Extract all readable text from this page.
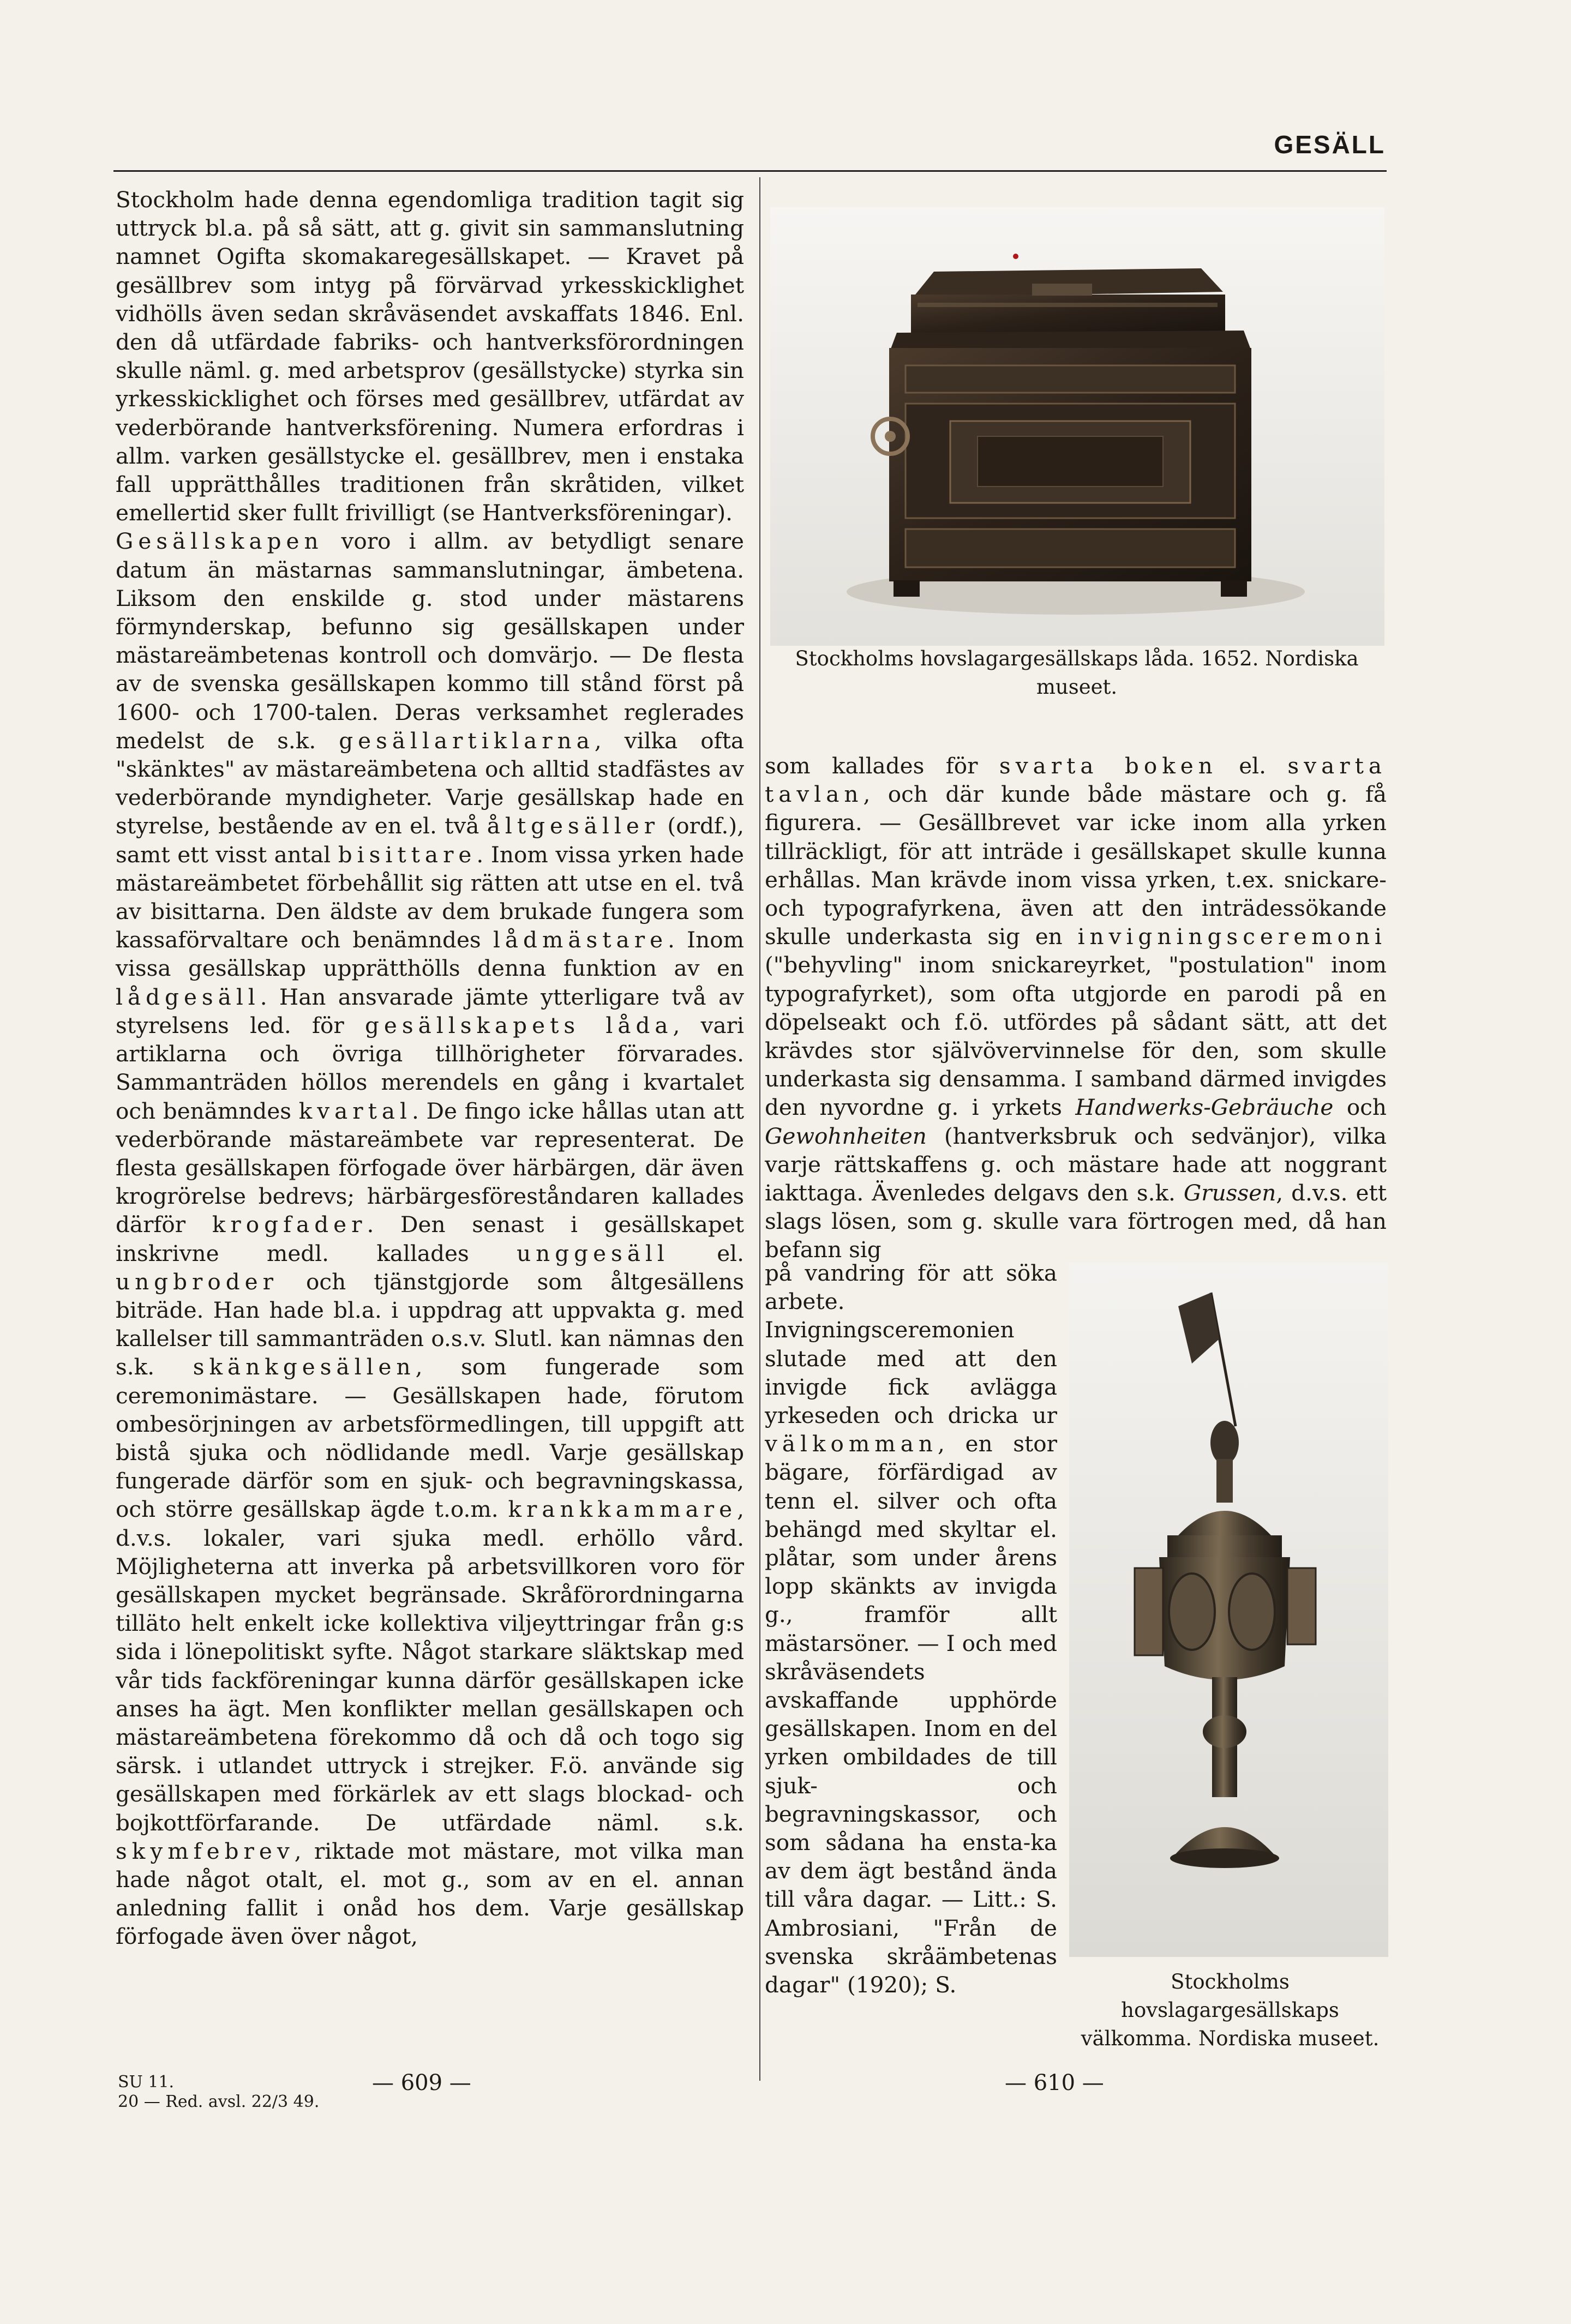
GESÄLL

Stockholm hade denna egendomliga tradition tagit sig uttryck bl.a. på så sätt, att g. givit sin sammanslutning namnet Ogifta skomakaregesällskapet. — Kravet på gesällbrev som intyg på förvärvad yrkesskicklighet vidhölls även sedan skråväsendet avskaffats 1846. Enl. den då utfärdade fabriks- och hantverksförordningen skulle näml. g. med arbetsprov (gesällstycke) styrka sin yrkesskicklighet och förses med gesällbrev, utfärdat av vederbörande hantverksförening. Numera erfordras i allm. varken gesällstycke el. gesällbrev, men i enstaka fall upprätthålles traditionen från skråtiden, vilket emellertid sker fullt frivilligt (se Hantverksföreningar).

Gesällskapen voro i allm. av betydligt senare datum än mästarnas sammanslutningar, ämbetena. Liksom den enskilde g. stod under mästarens förmynderskap, befunno sig gesällskapen under mästareämbetenas kontroll och domvärjo. — De flesta av de svenska gesällskapen kommo till stånd först på 1600- och 1700-talen. Deras verksamhet reglerades medelst de s.k. gesällartiklarna, vilka ofta "skänktes" av mästareämbetena och alltid stadfästes av vederbörande myndigheter. Varje gesällskap hade en styrelse, bestående av en el. två åltgesäller (ordf.), samt ett visst antal bisittare. Inom vissa yrken hade mästareämbetet förbehållit sig rätten att utse en el. två av bisittarna. Den äldste av dem brukade fungera som kassaförvaltare och benämndes lådmästare. Inom vissa gesällskap upprätthölls denna funktion av en lådgesäll. Han ansvarade jämte ytterligare två av styrelsens led. för gesällskapets låda, vari artiklarna och övriga tillhörigheter förvarades. Sammanträden höllos merendels en gång i kvartalet och benämndes kvartal. De fingo icke hållas utan att vederbörande mästareämbete var representerat. De flesta gesällskapen förfogade över härbärgen, där även krogrörelse bedrevs; härbärgesföreståndaren kallades därför krogfader. Den senast i gesällskapet inskrivne medl. kallades unggesäll el. ungbroder och tjänstgjorde som åltgesällens biträde. Han hade bl.a. i uppdrag att uppvakta g. med kallelser till sammanträden o.s.v. Slutl. kan nämnas den s.k. skänkgesällen, som fungerade som ceremonimästare. — Gesällskapen hade, förutom ombesörjningen av arbetsförmedlingen, till uppgift att bistå sjuka och nödlidande medl. Varje gesällskap fungerade därför som en sjuk- och begravningskassa, och större gesällskap ägde t.o.m. krankkammare, d.v.s. lokaler, vari sjuka medl. erhöllo vård. Möjligheterna att inverka på arbetsvillkoren voro för gesällskapen mycket begränsade. Skråförordningarna tilläto helt enkelt icke kollektiva viljeyttringar från g:s sida i lönepolitiskt syfte. Något starkare släktskap med vår tids fackföreningar kunna därför gesällskapen icke anses ha ägt. Men konflikter mellan gesällskapen och mästareämbetena förekommo då och då och togo sig särsk. i utlandet uttryck i strejker. F.ö. använde sig gesällskapen med förkärlek av ett slags blockad- och bojkottförfarande. De utfärdade näml. s.k. skymfebrev, riktade mot mästare, mot vilka man hade något otalt, el. mot g., som av en el. annan anledning fallit i onåd hos dem. Varje gesällskap förfogade även över något,

Stockholms hovslagargesällskaps låda. 1652. Nordiska museet.

som kallades för svarta boken el. svarta tavlan, och där kunde både mästare och g. få figurera. — Gesällbrevet var icke inom alla yrken tillräckligt, för att inträde i gesällskapet skulle kunna erhållas. Man krävde inom vissa yrken, t.ex. snickare- och typografyrkena, även att den inträdessökande skulle underkasta sig en invigningsceremoni ("behyvling" inom snickareyrket, "postulation" inom typografyrket), som ofta utgjorde en parodi på en döpelseakt och f.ö. utfördes på sådant sätt, att det krävdes stor självövervinnelse för den, som skulle underkasta sig densamma. I samband därmed invigdes den nyvordne g. i yrkets Handwerks-Gebräuche och Gewohnheiten (hantverksbruk och sedvänjor), vilka varje rättskaffens g. och mästare hade att noggrant iakttaga. Ävenledes delgavs den s.k. Grussen, d.v.s. ett slags lösen, som g. skulle vara förtrogen med, då han befann sig

på vandring för att söka arbete. Invigningsceremonien slutade med att den invigde fick avlägga yrkeseden och dricka ur välkomman, en stor bägare, förfärdigad av tenn el. silver och ofta behängd med skyltar el. plåtar, som under årens lopp skänkts av invigda g., framför allt mästarsöner. — I och med skråväsendets avskaffande upphörde gesällskapen. Inom en del yrken ombildades de till sjuk- och begravningskassor, och som sådana ha ensta-ka av dem ägt bestånd ända till våra dagar. — Litt.: S. Ambrosiani, "Från de svenska skråämbetenas dagar" (1920); S.	Stockholms hovslagargesällskaps välkomma. Nordiska museet.
SU 11.
20 — Red. avsl. 22/3 49.
— 609 —	— 610 —
